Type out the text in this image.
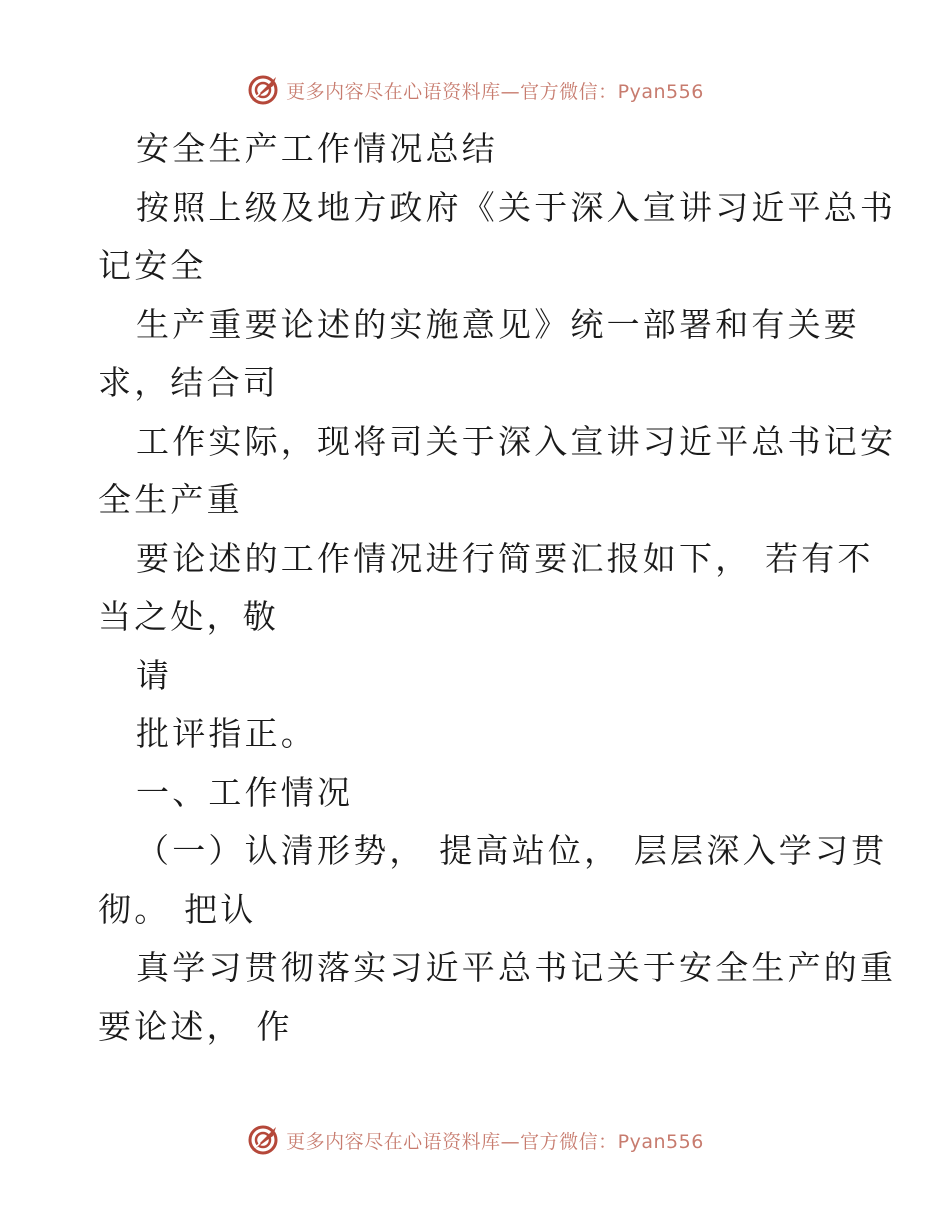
更多内容尽在心语资料库—官方微信：Pyan556
安全生产工作情况总结
按照上级及地方政府《关于深入宣讲习近平总书
记安全
生产重要论述的实施意见》统一部署和有关要
求，结合司
工作实际，现将司关于深入宣讲习近平总书记安
全生产重
要论述的工作情况进行简要汇报如下， 若有不
当之处，敬
请
批评指正。
一、工作情况
（一）认清形势， 提高站位， 层层深入学习贯
彻。 把认
真学习贯彻落实习近平总书记关于安全生产的重
要论述， 作
更多内容尽在心语资料库—官方微信：Pyan556
